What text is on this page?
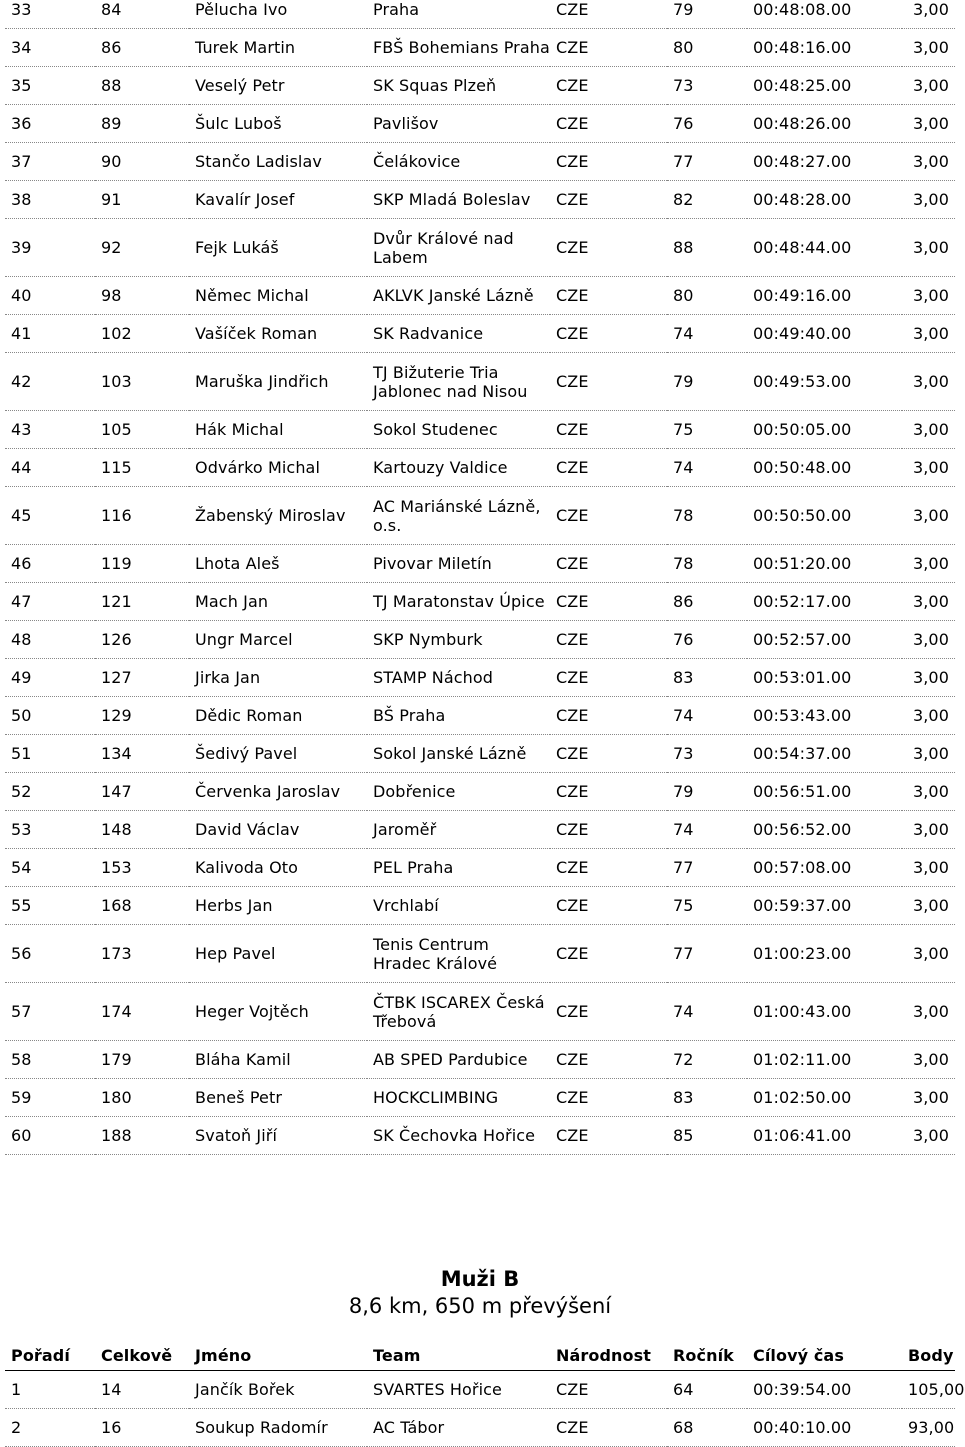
33	84	Pělucha Ivo	Praha	CZE	79	00:48:08.00	3,00
34	86	Turek Martin	FBŠ Bohemians Praha	CZE	80	00:48:16.00	3,00
35	88	Veselý Petr	SK Squas Plzeň	CZE	73	00:48:25.00	3,00
36	89	Šulc Luboš	Pavlišov	CZE	76	00:48:26.00	3,00
37	90	Stančo Ladislav	Čelákovice	CZE	77	00:48:27.00	3,00
38	91	Kavalír Josef	SKP Mladá Boleslav	CZE	82	00:48:28.00	3,00
39	92	Fejk Lukáš	Dvůr Králové nad Labem	CZE	88	00:48:44.00	3,00
40	98	Němec Michal	AKLVK Janské Lázně	CZE	80	00:49:16.00	3,00
41	102	Vašíček Roman	SK Radvanice	CZE	74	00:49:40.00	3,00
42	103	Maruška Jindřich	TJ Bižuterie Tria Jablonec nad Nisou	CZE	79	00:49:53.00	3,00
43	105	Hák Michal	Sokol Studenec	CZE	75	00:50:05.00	3,00
44	115	Odvárko Michal	Kartouzy Valdice	CZE	74	00:50:48.00	3,00
45	116	Žabenský Miroslav	AC Mariánské Lázně, o.s.	CZE	78	00:50:50.00	3,00
46	119	Lhota Aleš	Pivovar Miletín	CZE	78	00:51:20.00	3,00
47	121	Mach Jan	TJ Maratonstav Úpice	CZE	86	00:52:17.00	3,00
48	126	Ungr Marcel	SKP Nymburk	CZE	76	00:52:57.00	3,00
49	127	Jirka Jan	STAMP Náchod	CZE	83	00:53:01.00	3,00
50	129	Dědic Roman	BŠ Praha	CZE	74	00:53:43.00	3,00
51	134	Šedivý Pavel	Sokol Janské Lázně	CZE	73	00:54:37.00	3,00
52	147	Červenka Jaroslav	Dobřenice	CZE	79	00:56:51.00	3,00
53	148	David Václav	Jaroměř	CZE	74	00:56:52.00	3,00
54	153	Kalivoda Oto	PEL Praha	CZE	77	00:57:08.00	3,00
55	168	Herbs Jan	Vrchlabí	CZE	75	00:59:37.00	3,00
56	173	Hep Pavel	Tenis Centrum Hradec Králové	CZE	77	01:00:23.00	3,00
57	174	Heger Vojtěch	ČTBK ISCAREX Česká Třebová	CZE	74	01:00:43.00	3,00
58	179	Bláha Kamil	AB SPED Pardubice	CZE	72	01:02:11.00	3,00
59	180	Beneš Petr	HOCKCLIMBING	CZE	83	01:02:50.00	3,00
60	188	Svatoň Jiří	SK Čechovka Hořice	CZE	85	01:06:41.00	3,00
Muži B
8,6 km, 650 m převýšení
Pořadí	Celkově	Jméno	Team	Národnost	Ročník	Cílový čas	Body
1	14	Jančík Bořek	SVARTES Hořice	CZE	64	00:39:54.00	105,00
2	16	Soukup Radomír	AC Tábor	CZE	68	00:40:10.00	93,00
